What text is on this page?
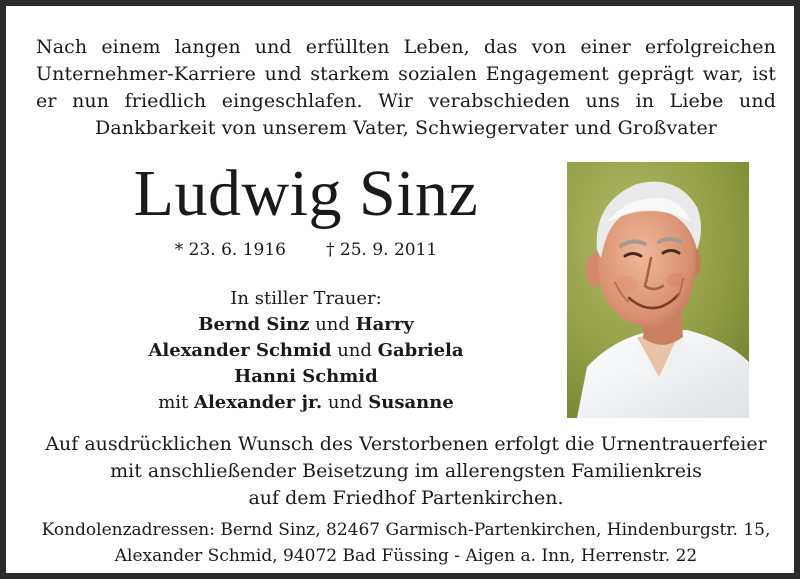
Nach einem langen und erfüllten Leben, das von einer erfolgreichen Unternehmer-Karriere und starkem sozialen Engagement geprägt war, ist er nun friedlich eingeschlafen. Wir verabschieden uns in Liebe und Dankbarkeit von unserem Vater, Schwiegervater und Großvater

Ludwig Sinz
* 23. 6. 1916 † 25. 9. 2011
In stiller Trauer:
Bernd Sinz und Harry
Alexander Schmid und Gabriela
Hanni Schmid
mit Alexander jr. und Susanne
Auf ausdrücklichen Wunsch des Verstorbenen erfolgt die Urnentrauerfeier
mit anschließender Beisetzung im allerengsten Familienkreis
auf dem Friedhof Partenkirchen.
Kondolenzadressen: Bernd Sinz, 82467 Garmisch-Partenkirchen, Hindenburgstr. 15,
Alexander Schmid, 94072 Bad Füssing - Aigen a. Inn, Herrenstr. 22
